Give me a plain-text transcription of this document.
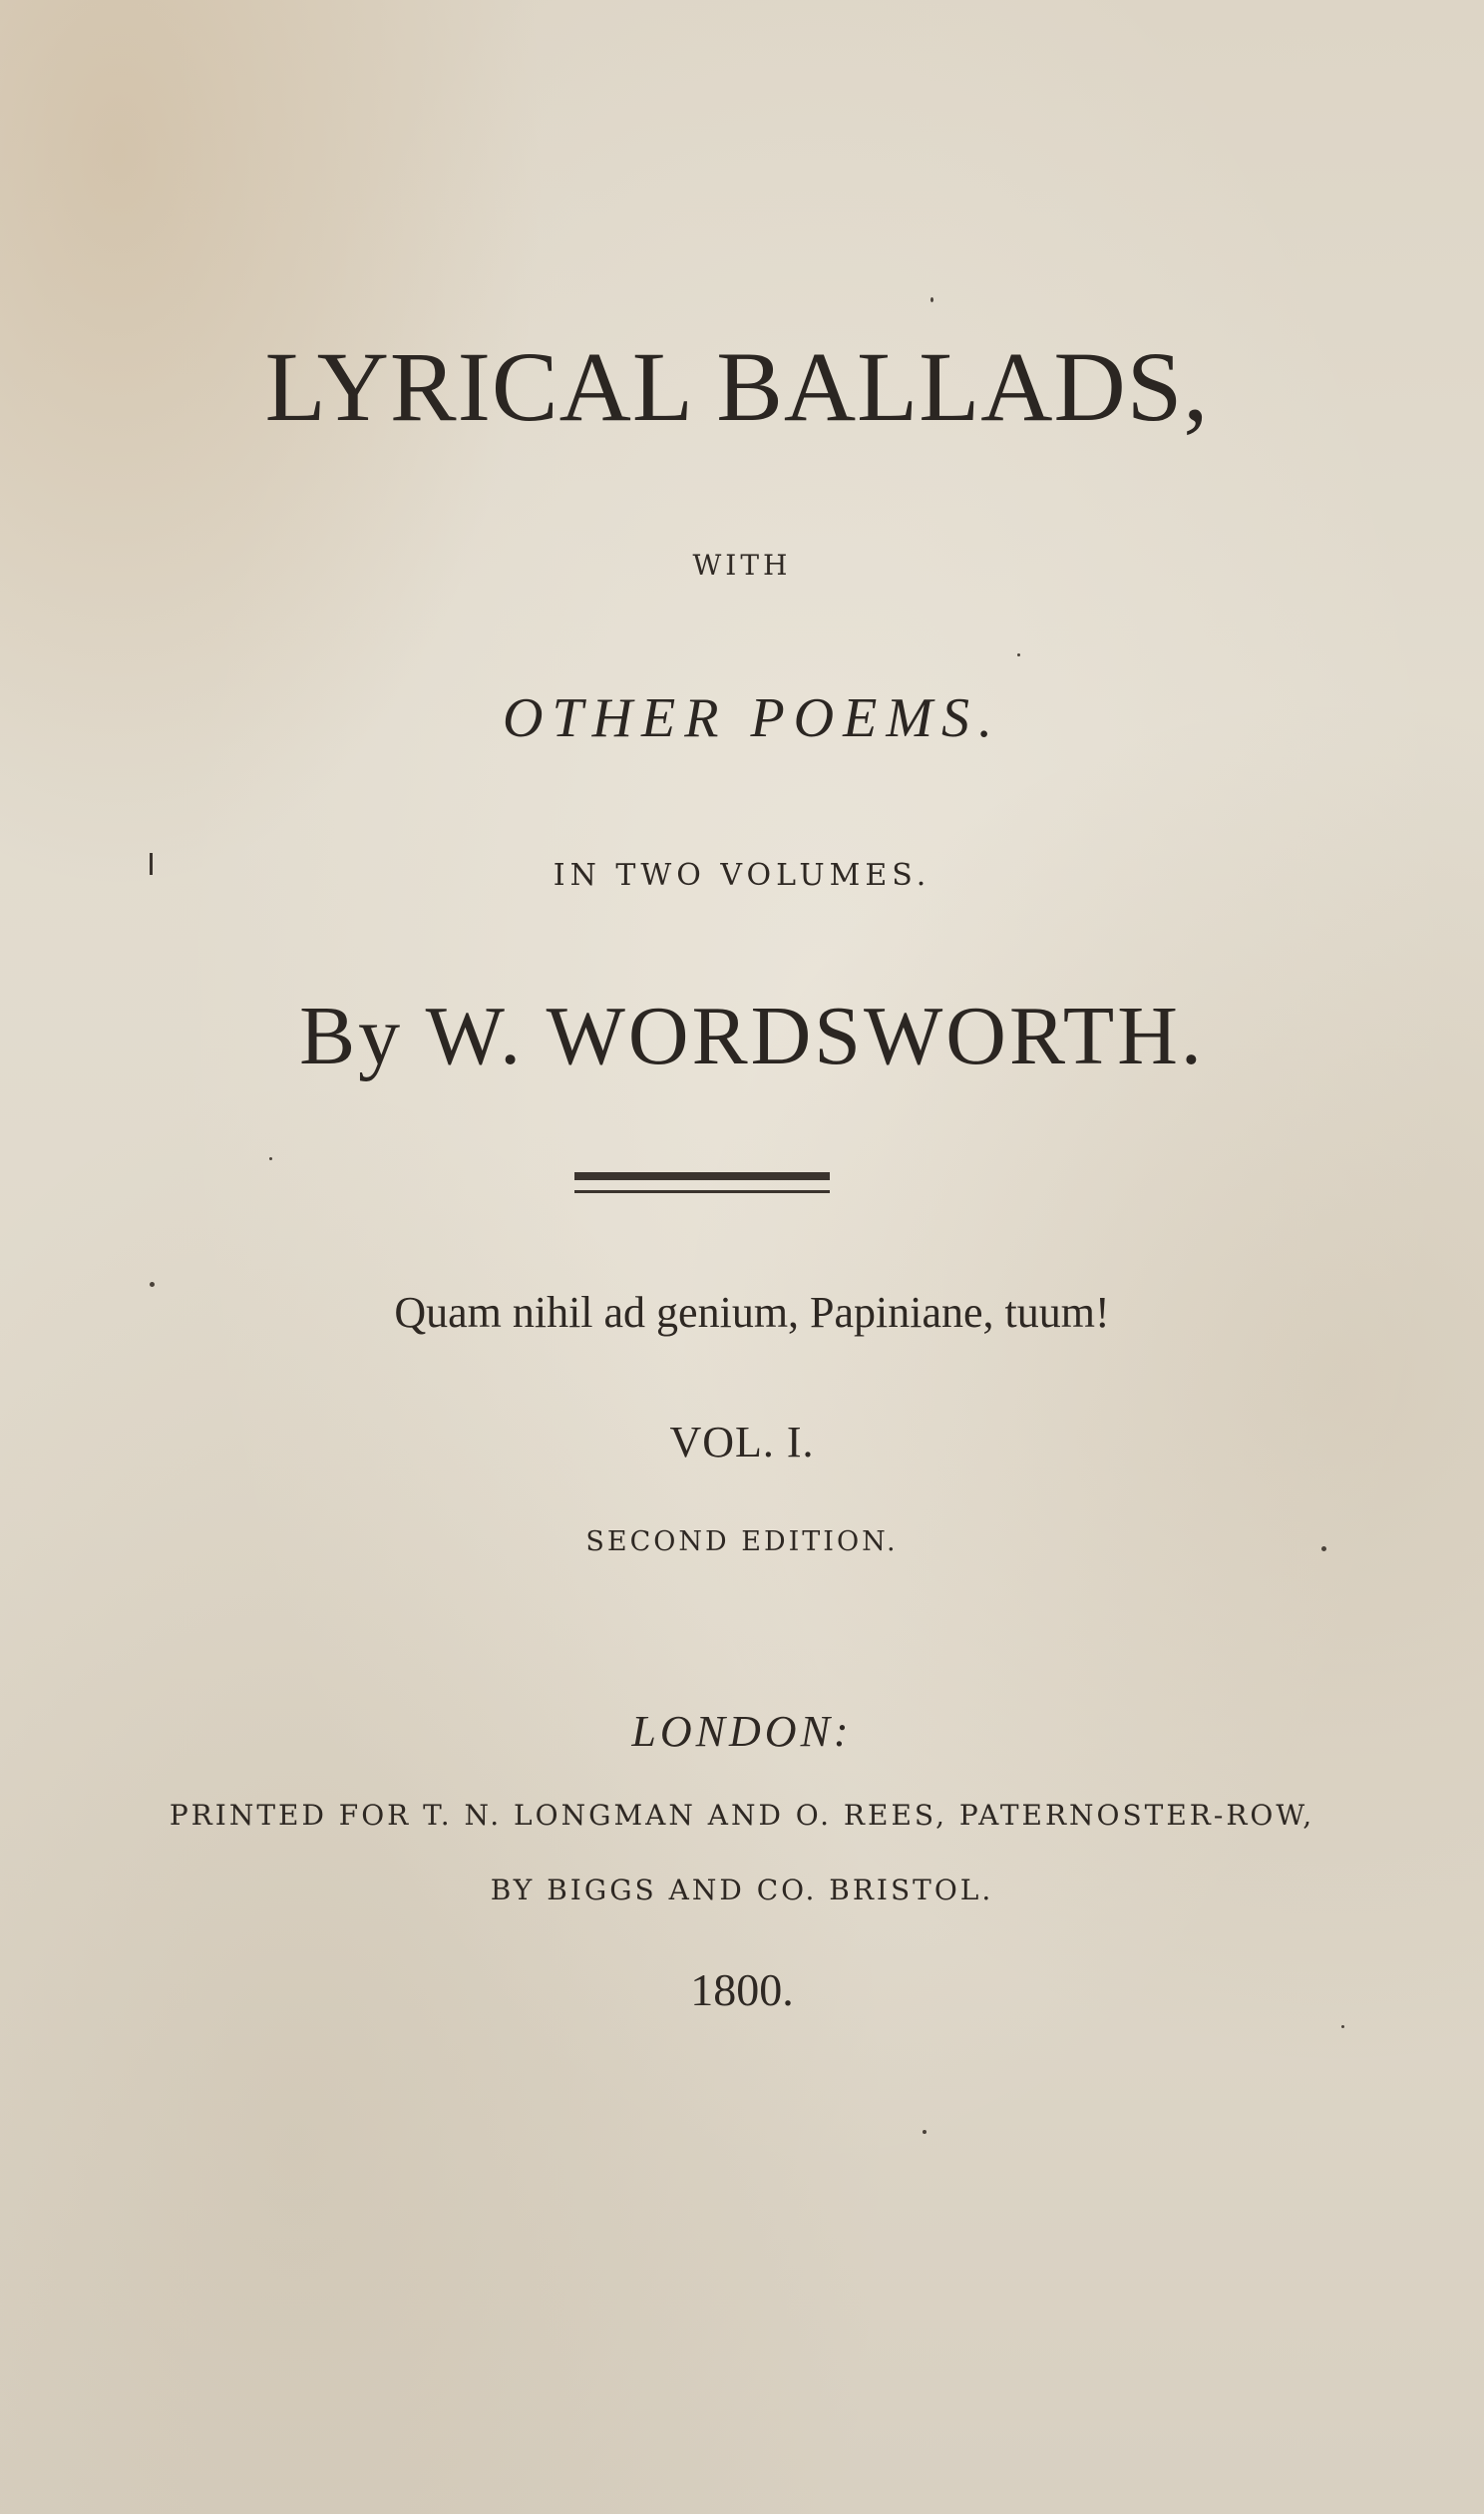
LYRICAL BALLADS,
WITH
OTHER POEMS.
IN TWO VOLUMES.
By W. WORDSWORTH.
Quam nihil ad genium, Papiniane, tuum!
VOL. I.
SECOND EDITION.
LONDON:
PRINTED FOR T. N. LONGMAN AND O. REES, PATERNOSTER-ROW,
BY BIGGS AND CO. BRISTOL.
1800.
